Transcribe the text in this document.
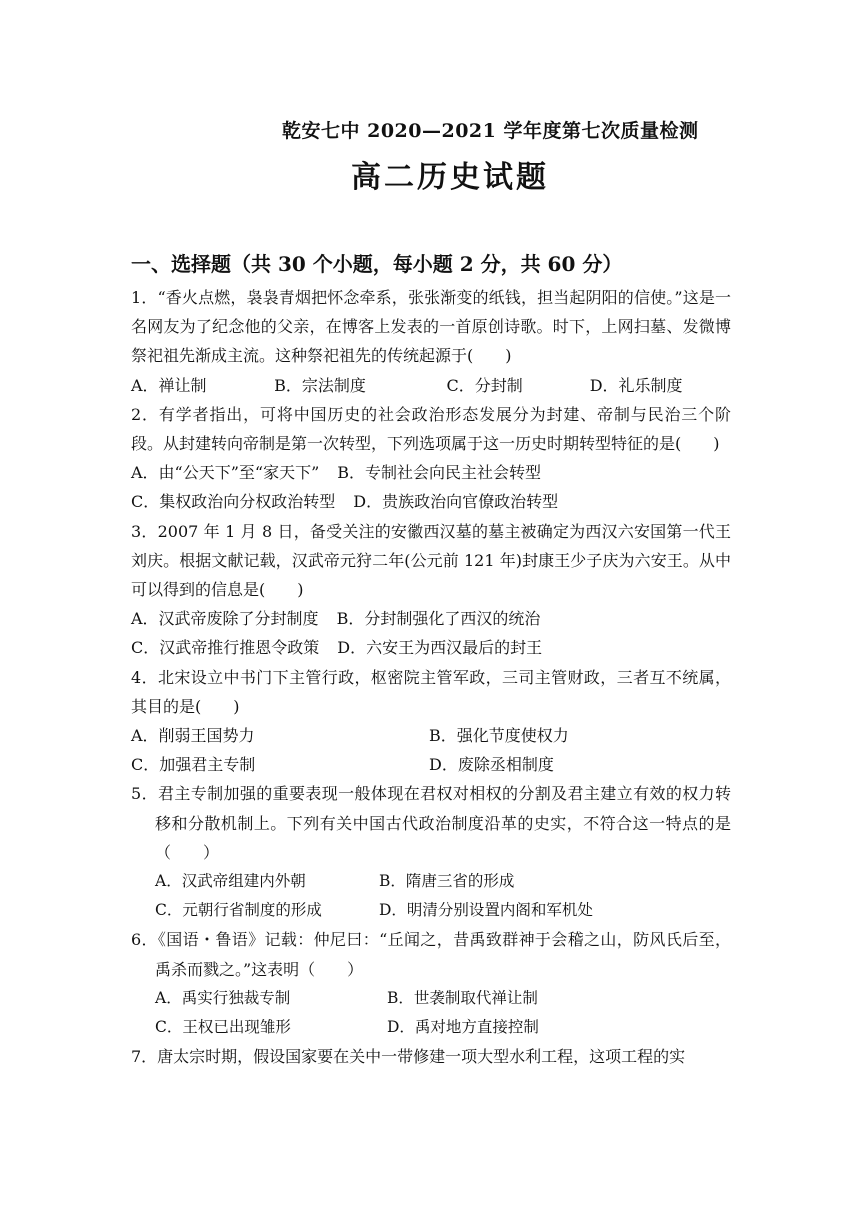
乾安七中 2020—2021 学年度第七次质量检测
高二历史试题
一、选择题（共 30 个小题，每小题 2 分，共 60 分）
1．“香火点燃，袅袅青烟把怀念牵系，张张渐变的纸钱，担当起阴阳的信使。”这是一名网友为了纪念他的父亲，在博客上发表的一首原创诗歌。时下，上网扫墓、发微博祭祀祖先渐成主流。这种祭祀祖先的传统起源于(　　)
A．禅让制	B．宗法制度	C．分封制	D．礼乐制度
2．有学者指出，可将中国历史的社会政治形态发展分为封建、帝制与民治三个阶段。从封建转向帝制是第一次转型，下列选项属于这一历史时期转型特征的是(　　)
A．由“公天下”至“家天下” B．专制社会向民主社会转型
C．集权政治向分权政治转型 D．贵族政治向官僚政治转型
3．2007 年 1 月 8 日，备受关注的安徽西汉墓的墓主被确定为西汉六安国第一代王刘庆。根据文献记载，汉武帝元狩二年(公元前 121 年)封康王少子庆为六安王。从中可以得到的信息是(　　)
A．汉武帝废除了分封制度 B．分封制强化了西汉的统治
C．汉武帝推行推恩令政策 D．六安王为西汉最后的封王
4．北宋设立中书门下主管行政，枢密院主管军政，三司主管财政，三者互不统属，其目的是(　　)
A．削弱王国势力	B．强化节度使权力
C．加强君主专制	D．废除丞相制度
5．君主专制加强的重要表现一般体现在君权对相权的分割及君主建立有效的权力转移和分散机制上。下列有关中国古代政治制度沿革的史实，不符合这一特点的是（　　）
A．汉武帝组建内外朝	B．隋唐三省的形成
C．元朝行省制度的形成	D．明清分别设置内阁和军机处
6．《国语・鲁语》记载：仲尼曰：“丘闻之，昔禹致群神于会稽之山，防风氏后至，禹杀而戮之。”这表明（　　）
A．禹实行独裁专制	B．世袭制取代禅让制
C．王权已出现雏形	D．禹对地方直接控制
7．唐太宗时期，假设国家要在关中一带修建一项大型水利工程，这项工程的实
